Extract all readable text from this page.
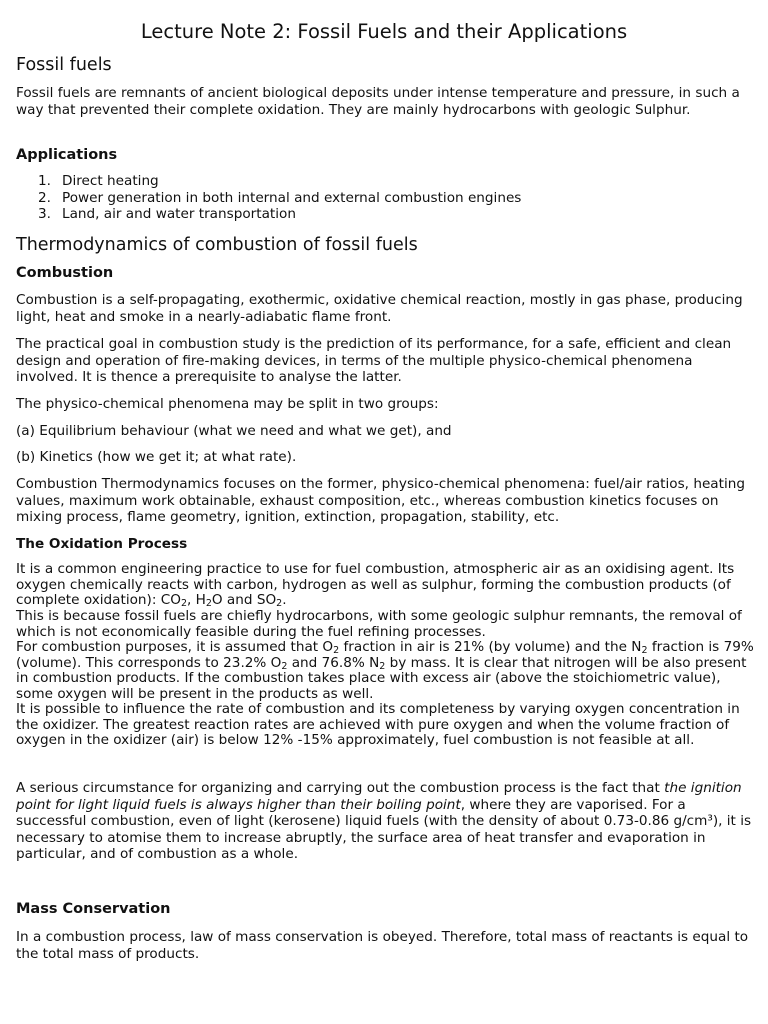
Lecture Note 2: Fossil Fuels and their Applications
Fossil fuels

Fossil fuels are remnants of ancient biological deposits under intense temperature and pressure, in such a way that prevented their complete oxidation. They are mainly hydrocarbons with geologic Sulphur.

Applications
1. Direct heating
2. Power generation in both internal and external combustion engines
3. Land, air and water transportation
Thermodynamics of combustion of fossil fuels
Combustion

Combustion is a self-propagating, exothermic, oxidative chemical reaction, mostly in gas phase, producing light, heat and smoke in a nearly-adiabatic flame front.

The practical goal in combustion study is the prediction of its performance, for a safe, efficient and clean design and operation of fire-making devices, in terms of the multiple physico-chemical phenomena involved. It is thence a prerequisite to analyse the latter.

The physico-chemical phenomena may be split in two groups:

(a) Equilibrium behaviour (what we need and what we get), and

(b) Kinetics (how we get it; at what rate).

Combustion Thermodynamics focuses on the former, physico-chemical phenomena: fuel/air ratios, heating values, maximum work obtainable, exhaust composition, etc., whereas combustion kinetics focuses on mixing process, flame geometry, ignition, extinction, propagation, stability, etc.

The Oxidation Process

It is a common engineering practice to use for fuel combustion, atmospheric air as an oxidising agent. Its oxygen chemically reacts with carbon, hydrogen as well as sulphur, forming the combustion products (of complete oxidation): $CO_2$, $H_2O$ and $SO_2$.

This is because fossil fuels are chiefly hydrocarbons, with some geologic sulphur remnants, the removal of which is not economically feasible during the fuel refining processes.

For combustion purposes, it is assumed that $O_2$ fraction in air is 21% (by volume) and the $N_2$ fraction is 79% (volume). This corresponds to 23.2% $O_2$ and 76.8% $N_2$ by mass. It is clear that nitrogen will be also present in combustion products. If the combustion takes place with excess air (above the stoichiometric value), some oxygen will be present in the products as well.

It is possible to influence the rate of combustion and its completeness by varying oxygen concentration in the oxidizer. The greatest reaction rates are achieved with pure oxygen and when the volume fraction of oxygen in the oxidizer (air) is below 12% -15% approximately, fuel combustion is not feasible at all.

A serious circumstance for organizing and carrying out the combustion process is the fact that the ignition point for light liquid fuels is always higher than their boiling point, where they are vaporised. For a successful combustion, even of light (kerosene) liquid fuels (with the density of about 0.73-0.86 g/cm³), it is necessary to atomise them to increase abruptly, the surface area of heat transfer and evaporation in particular, and of combustion as a whole.

Mass Conservation

In a combustion process, law of mass conservation is obeyed. Therefore, total mass of reactants is equal to the total mass of products.
